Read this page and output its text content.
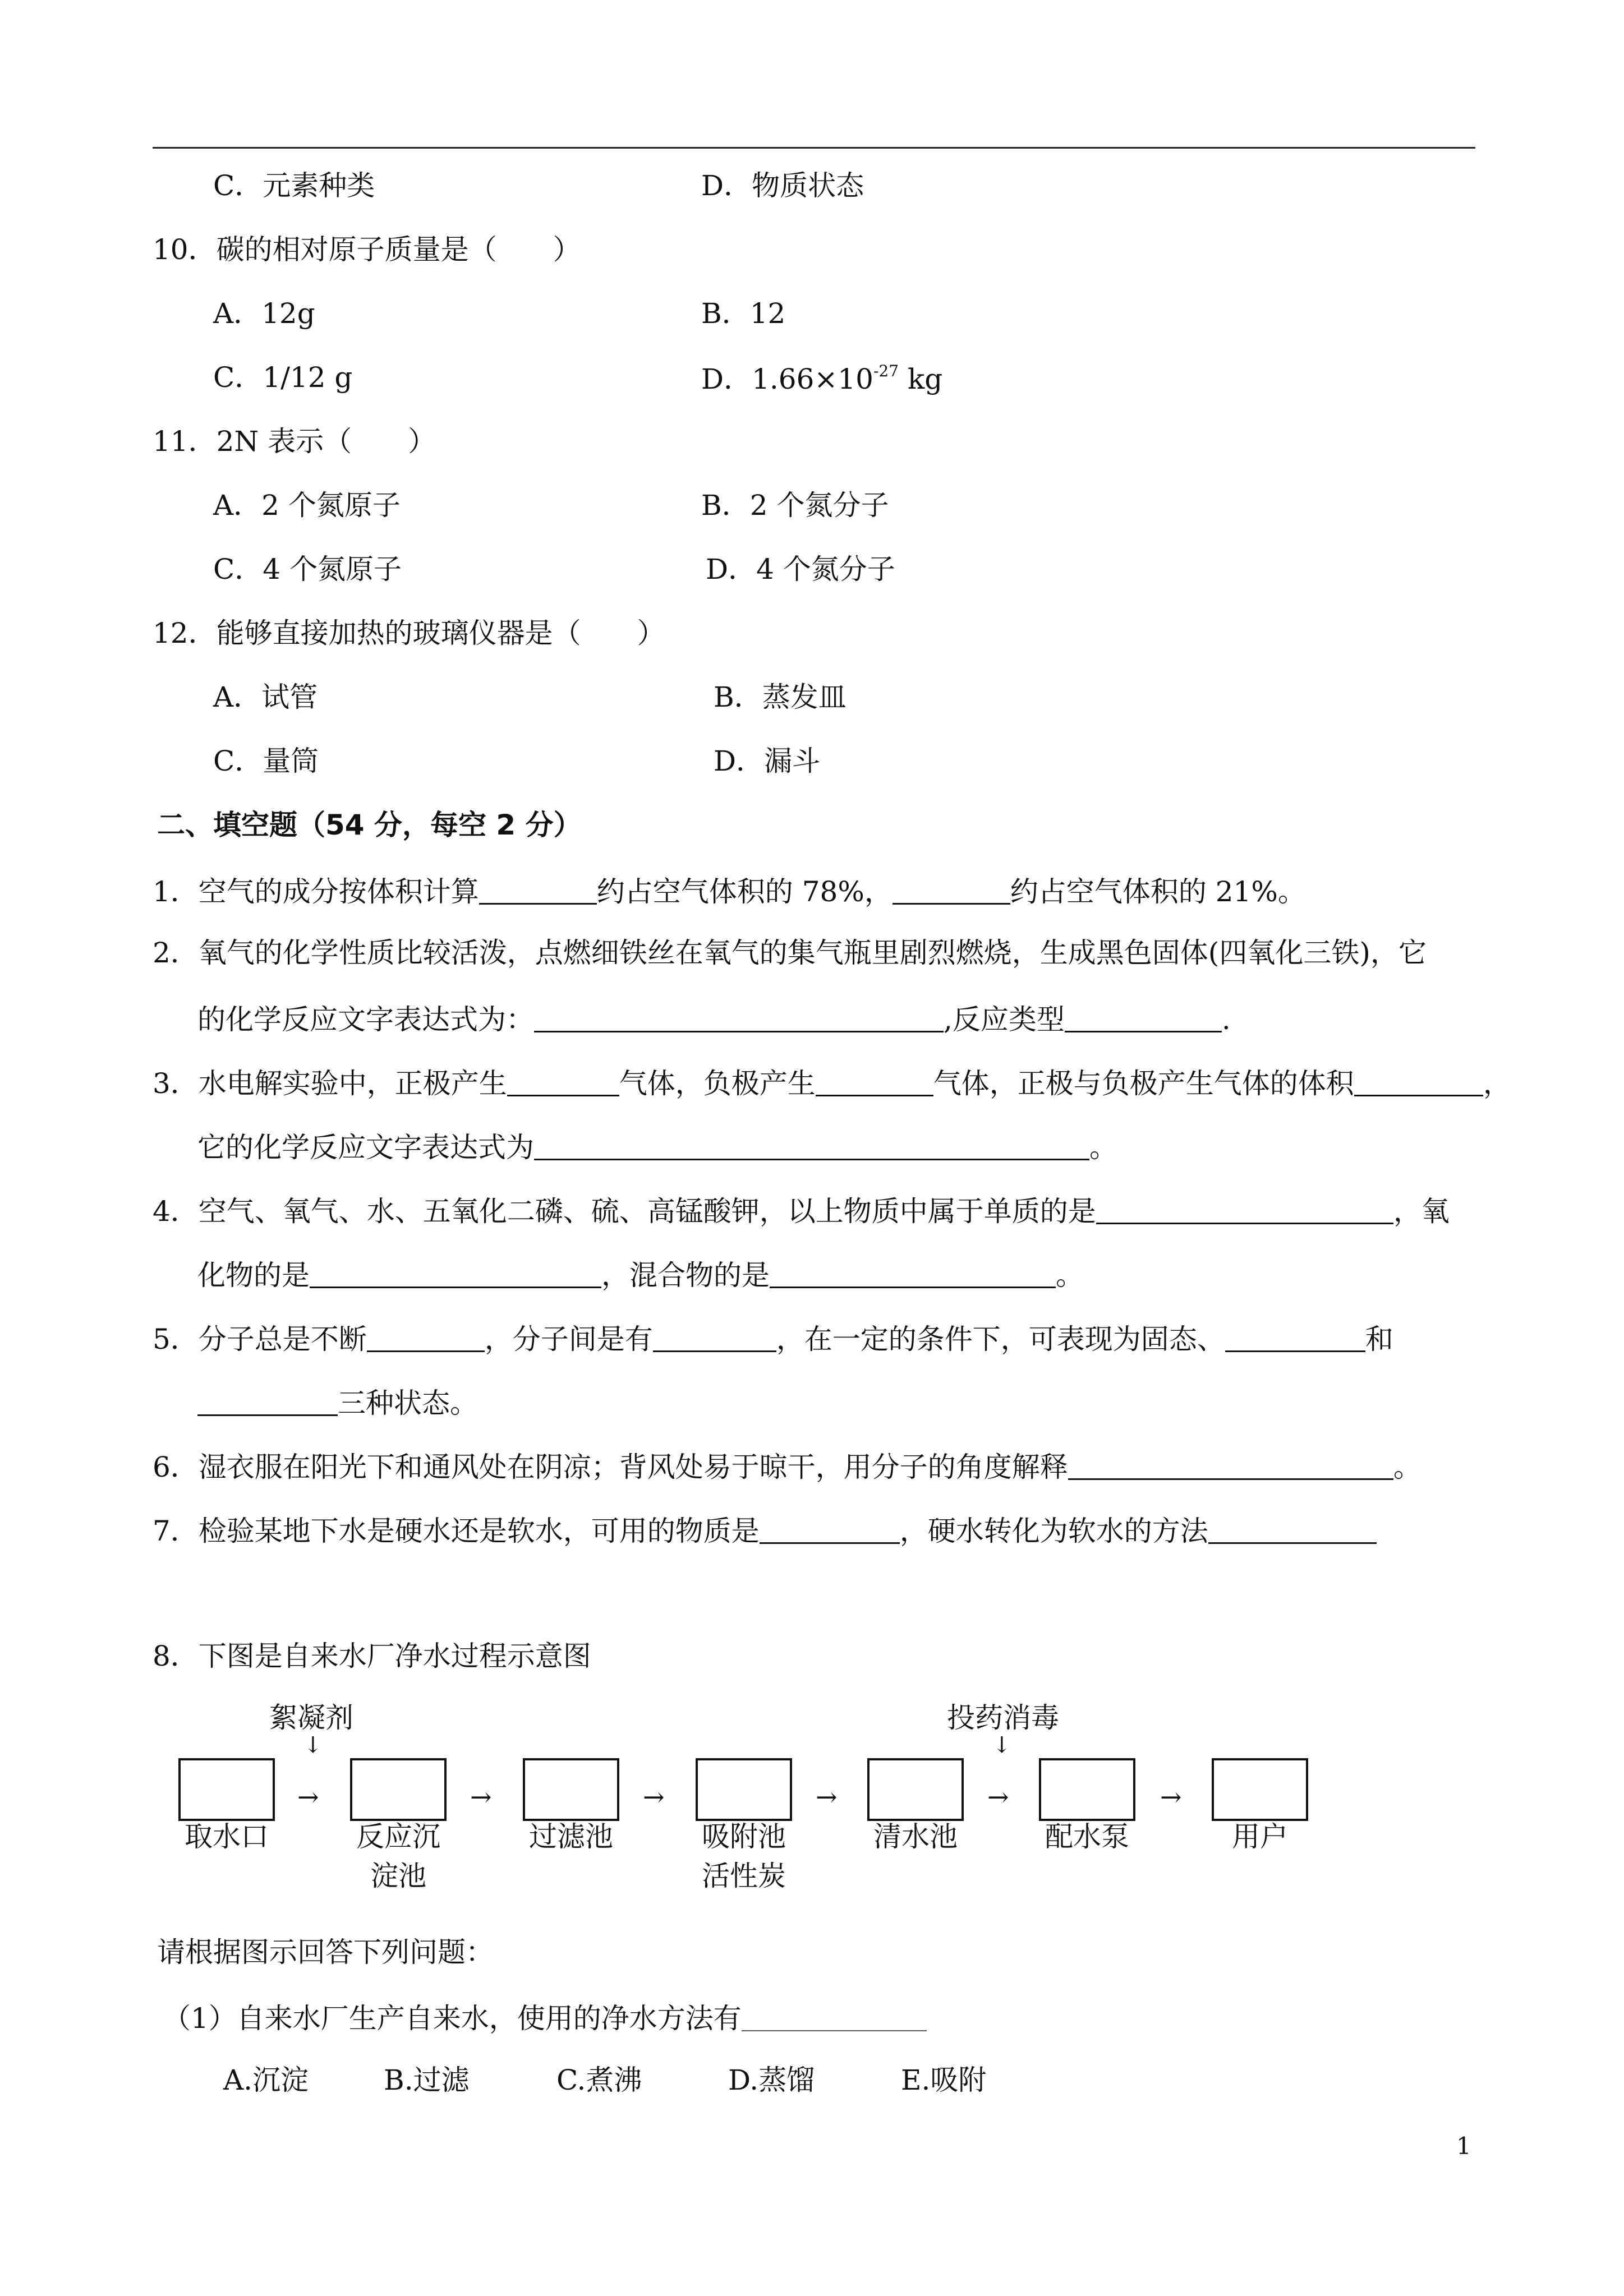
C．元素种类	D．物质状态
10．碳的相对原子质量是（　　）
A．12g	B．12
C．1/12 g	D．$1.66\times 10^{-27}$ kg
11．2N 表示（　　）
A．2 个氮原子	B．2 个氮分子
C．4 个氮原子	D．4 个氮分子
12．能够直接加热的玻璃仪器是（　　）
A．试管	B．蒸发皿
C．量筒	D．漏斗
二、填空题（54 分，每空 2 分）
1．空气的成分按体积计算	约占空气体积的 78%，	约占空气体积的 21%。
2．氧气的化学性质比较活泼，点燃细铁丝在氧气的集气瓶里剧烈燃烧，生成黑色固体(四氧化三铁)，它
的化学反应文字表达式为：	,反应类型	.
3．水电解实验中，正极产生	气体，负极产生	气体，正极与负极产生气体的体积	，
它的化学反应文字表达式为	。
4．空气、氧气、水、五氧化二磷、硫、高锰酸钾，以上物质中属于单质的是	，氧
化物的是	，混合物的是	。
5．分子总是不断	，分子间是有	，在一定的条件下，可表现为固态、	和
三种状态。
6．湿衣服在阳光下和通风处在阴凉；背风处易于晾干，用分子的角度解释	。
7．检验某地下水是硬水还是软水，可用的物质是	，硬水转化为软水的方法
8．下图是自来水厂净水过程示意图
絮凝剂	投药消毒
↓	↓
→	→	→	→	→	→
取水口	反应沉
淀池
过滤池	吸附池
活性炭
清水池	配水泵	用户
请根据图示回答下列问题：
（1）自来水厂生产自来水，使用的净水方法有
A.沉淀	B.过滤	C.煮沸	D.蒸馏	E.吸附
1
